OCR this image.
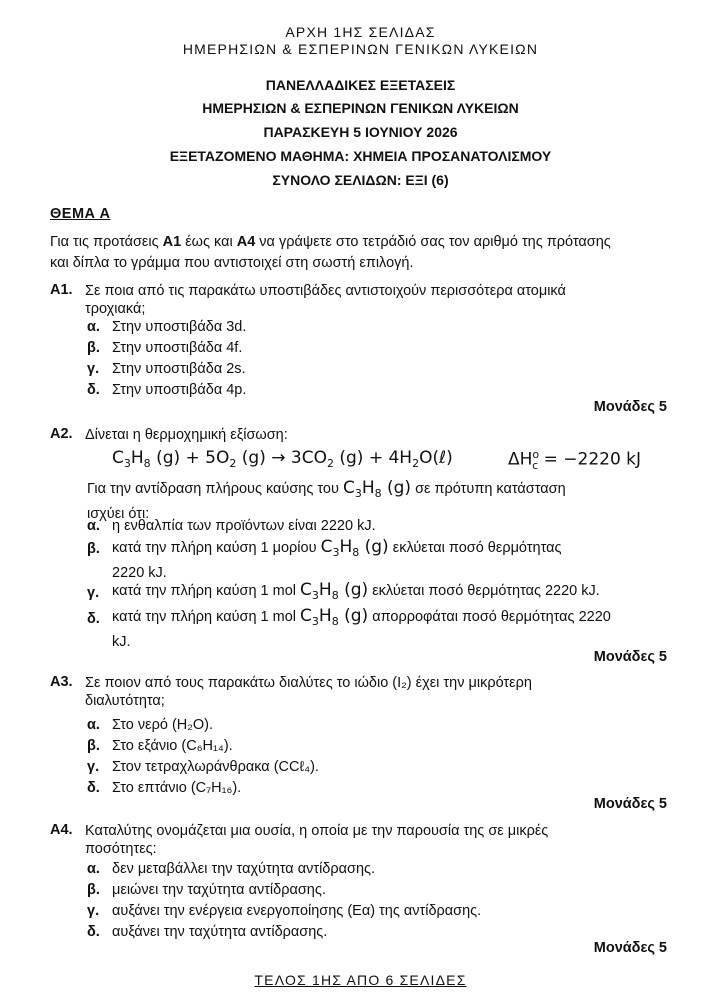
ΑΡΧΗ 1ΗΣ ΣΕΛΙΔΑΣ
ΗΜΕΡΗΣΙΩΝ & ΕΣΠΕΡΙΝΩΝ ΓΕΝΙΚΩΝ ΛΥΚΕΙΩΝ
ΠΑΝΕΛΛΑΔΙΚΕΣ ΕΞΕΤΑΣΕΙΣ
ΗΜΕΡΗΣΙΩΝ & ΕΣΠΕΡΙΝΩΝ ΓΕΝΙΚΩΝ ΛΥΚΕΙΩΝ
ΠΑΡΑΣΚΕΥΗ 5 ΙΟΥΝΙΟΥ 2026
ΕΞΕΤΑΖΟΜΕΝΟ ΜΑΘΗΜΑ: ΧΗΜΕΙΑ ΠΡΟΣΑΝΑΤΟΛΙΣΜΟΥ
ΣΥΝΟΛΟ ΣΕΛΙΔΩΝ: ΕΞΙ (6)
ΘΕΜΑ Α
Για τις προτάσεις Α1 έως και Α4 να γράψετε στο τετράδιό σας τον αριθμό της πρότασης
και δίπλα το γράμμα που αντιστοιχεί στη σωστή επιλογή.
Α1. Σε ποια από τις παρακάτω υποστιβάδες αντιστοιχούν περισσότερα ατομικά
τροχιακά;
α. Στην υποστιβάδα 3d.
β. Στην υποστιβάδα 4f.
γ. Στην υποστιβάδα 2s.
δ. Στην υποστιβάδα 4p.
Μονάδες 5
Α2. Δίνεται η θερμοχημική εξίσωση:
$C_3H_8$ $(g) + 5O_2$ $(g) \to 3CO_2$ $(g) + 4H_2O(\ell)$	$\Delta H^o_c = -2220$ kJ
Για την αντίδραση πλήρους καύσης του $C_3H_8$ (g) σε πρότυπη κατάσταση
ισχύει ότι:
α. η ενθαλπία των προϊόντων είναι 2220 kJ.
β. κατά την πλήρη καύση 1 μορίου $C_3H_8$ (g) εκλύεται ποσό θερμότητας
2220 kJ.
γ. κατά την πλήρη καύση 1 mol $C_3H_8$ (g) εκλύεται ποσό θερμότητας 2220 kJ.
δ. κατά την πλήρη καύση 1 mol $C_3H_8$ (g) απορροφάται ποσό θερμότητας 2220
kJ.
Μονάδες 5
Α3. Σε ποιον από τους παρακάτω διαλύτες το ιώδιο (I₂) έχει την μικρότερη
διαλυτότητα;
α. Στο νερό (H₂O).
β. Στο εξάνιο (C₆H₁₄).
γ. Στον τετραχλωράνθρακα (CCℓ₄).
δ. Στο επτάνιο (C₇H₁₆).
Μονάδες 5
Α4. Καταλύτης ονομάζεται μια ουσία, η οποία με την παρουσία της σε μικρές
ποσότητες:
α. δεν μεταβάλλει την ταχύτητα αντίδρασης.
β. μειώνει την ταχύτητα αντίδρασης.
γ. αυξάνει την ενέργεια ενεργοποίησης (Eα) της αντίδρασης.
δ. αυξάνει την ταχύτητα αντίδρασης.
Μονάδες 5
ΤΕΛΟΣ 1ΗΣ ΑΠΟ 6 ΣΕΛΙΔΕΣ
